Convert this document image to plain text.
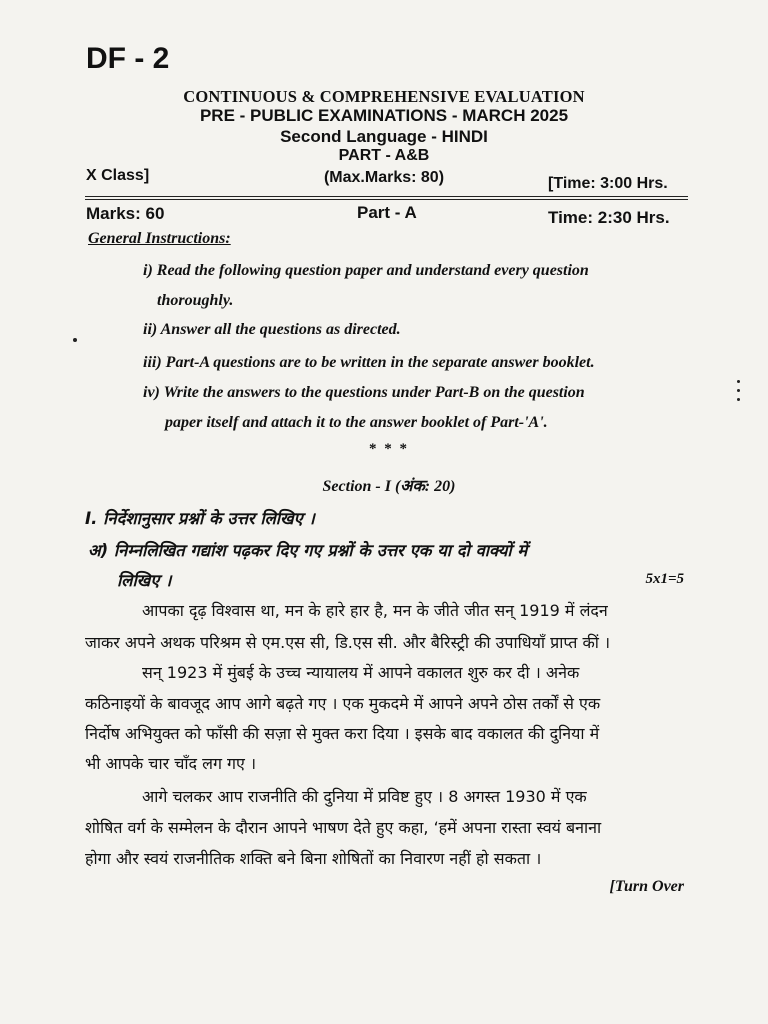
DF - 2
CONTINUOUS & COMPREHENSIVE EVALUATION
PRE - PUBLIC EXAMINATIONS - MARCH 2025
Second Language - HINDI
PART - A&B
(Max.Marks: 80)
X Class]	[Time: 3:00 Hrs.
Marks: 60	Part - A	Time: 2:30 Hrs.
General Instructions:
i) Read the following question paper and understand every question
thoroughly.
ii) Answer all the questions as directed.
iii) Part-A questions are to be written in the separate answer booklet.
iv) Write the answers to the questions under Part-B on the question
paper itself and attach it to the answer booklet of Part-'A'.
* * *
Section - I (अंक: 20)
I. निर्देशानुसार प्रश्नों के उत्तर लिखिए ।
अ) निम्नलिखित गद्यांश पढ़कर दिए गए प्रश्नों के उत्तर एक या दो वाक्यों में
लिखिए ।	5x1=5
आपका दृढ़ विश्वास था, मन के हारे हार है, मन के जीते जीत सन् 1919 में लंदन
जाकर अपने अथक परिश्रम से एम.एस सी, डि.एस सी. और बैरिस्ट्री की उपाधियाँ प्राप्त कीं ।
सन् 1923 में मुंबई के उच्च न्यायालय में आपने वकालत शुरु कर दी । अनेक
कठिनाइयों के बावजूद आप आगे बढ़ते गए । एक मुकदमे में आपने अपने ठोस तर्कों से एक
निर्दोष अभियुक्त को फाँसी की सज़ा से मुक्त करा दिया । इसके बाद वकालत की दुनिया में
भी आपके चार चाँद लग गए ।
आगे चलकर आप राजनीति की दुनिया में प्रविष्ट हुए । 8 अगस्त 1930 में एक
शोषित वर्ग के सम्मेलन के दौरान आपने भाषण देते हुए कहा, ‘हमें अपना रास्ता स्वयं बनाना
होगा और स्वयं राजनीतिक शक्ति बने बिना शोषितों का निवारण नहीं हो सकता ।
[Turn Over
